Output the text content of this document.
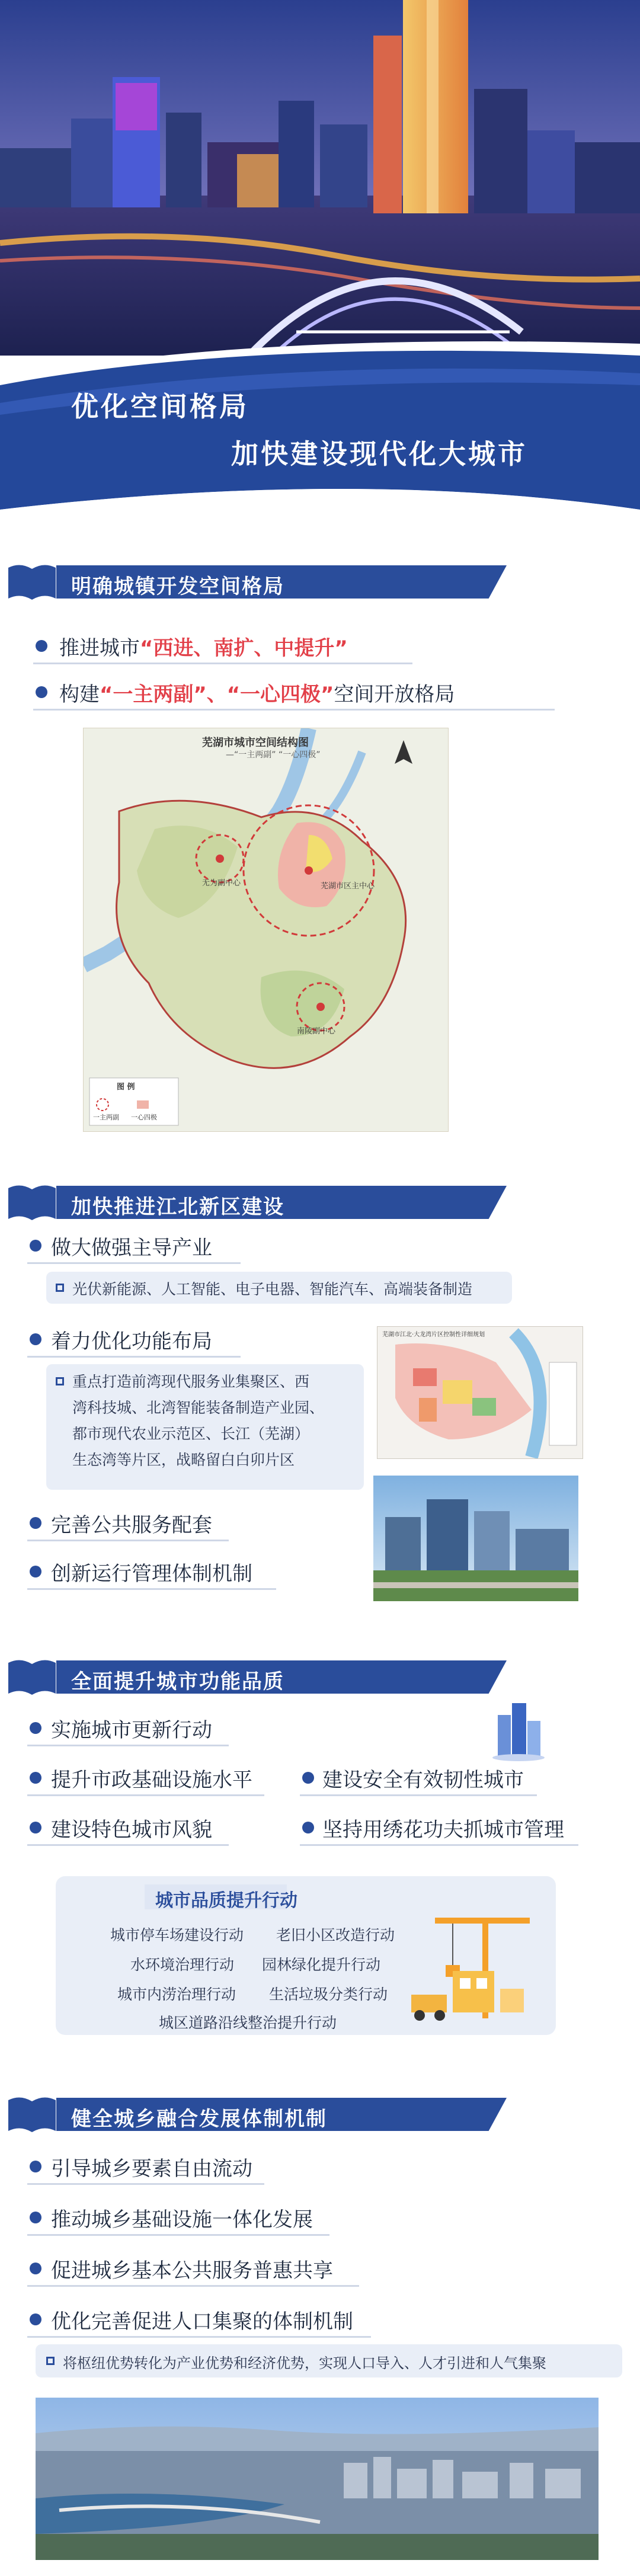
优化空间格局
加快建设现代化大城市
明确城镇开发空间格局
推进城市“西进、南扩、中提升”
构建“一主两副”、“一心四极”空间开放格局
芜湖市城市空间结构图
—“一主两副” “一心四极”
无为副中心	芜湖市区主中心
南陵副中心
图 例
一主两副 一心四极
加快推进江北新区建设
做大做强主导产业
光伏新能源、人工智能、电子电器、智能汽车、高端装备制造
着力优化功能布局
重点打造前湾现代服务业集聚区、西
湾科技城、北湾智能装备制造产业园、
都市现代农业示范区、长江（芜湖）
生态湾等片区，战略留白白卯片区
芜湖市江北·大龙湾片区控制性详细规划
完善公共服务配套
创新运行管理体制机制
全面提升城市功能品质
实施城市更新行动
提升市政基础设施水平	建设安全有效韧性城市
建设特色城市风貌	坚持用绣花功夫抓城市管理
城市品质提升行动
城市停车场建设行动 老旧小区改造行动
水环境治理行动 园林绿化提升行动
城市内涝治理行动 生活垃圾分类行动
城区道路沿线整治提升行动
健全城乡融合发展体制机制
引导城乡要素自由流动
推动城乡基础设施一体化发展
促进城乡基本公共服务普惠共享
优化完善促进人口集聚的体制机制
将枢纽优势转化为产业优势和经济优势，实现人口导入、人才引进和人气集聚
